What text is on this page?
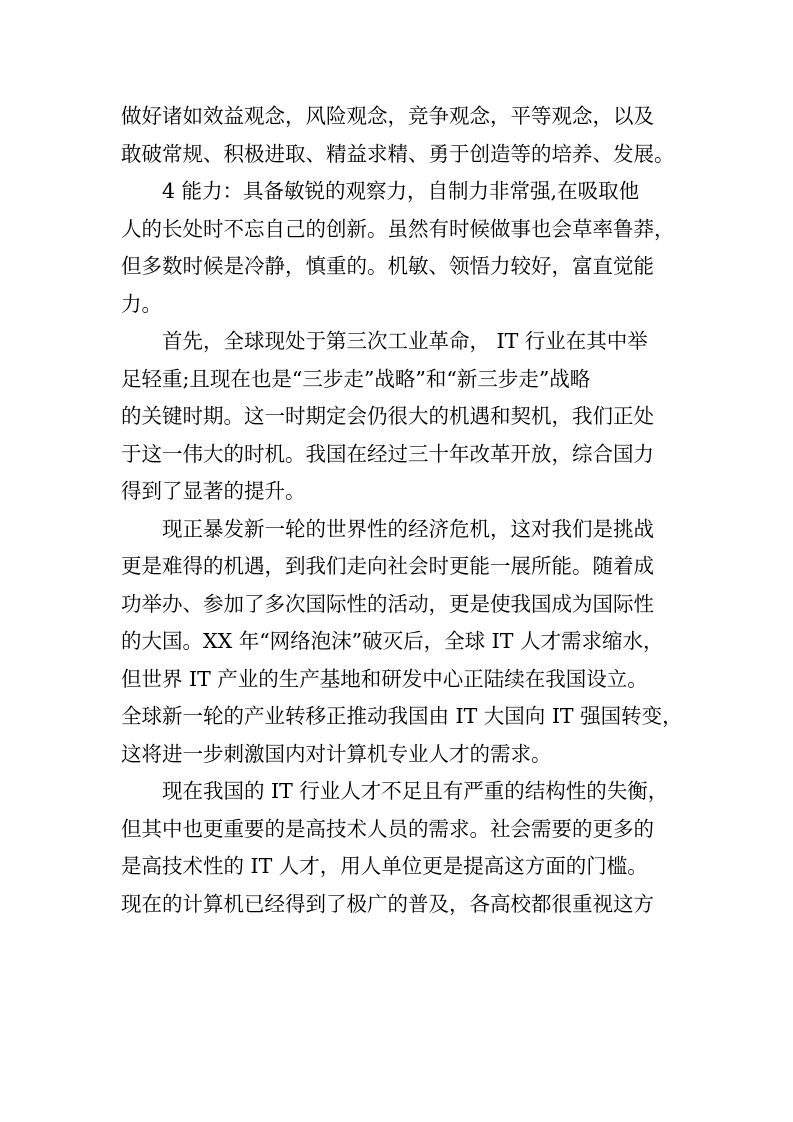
做好诸如效益观念，风险观念，竞争观念，平等观念，以及
敢破常规、积极进取、精益求精、勇于创造等的培养、发展。
4 能力：具备敏锐的观察力，自制力非常强,在吸取他
人的长处时不忘自己的创新。虽然有时候做事也会草率鲁莽，
但多数时候是冷静，慎重的。机敏、领悟力较好，富直觉能
力。
首先，全球现处于第三次工业革命， IT 行业在其中举
足轻重;且现在也是“三步走”战略”和“新三步走”战略
的关键时期。这一时期定会仍很大的机遇和契机，我们正处
于这一伟大的时机。我国在经过三十年改革开放，综合国力
得到了显著的提升。
现正暴发新一轮的世界性的经济危机，这对我们是挑战
更是难得的机遇，到我们走向社会时更能一展所能。随着成
功举办、参加了多次国际性的活动，更是使我国成为国际性
的大国。XX 年“网络泡沫”破灭后，全球 IT 人才需求缩水，
但世界 IT 产业的生产基地和研发中心正陆续在我国设立。
全球新一轮的产业转移正推动我国由 IT 大国向 IT 强国转变，
这将进一步刺激国内对计算机专业人才的需求。
现在我国的 IT 行业人才不足且有严重的结构性的失衡，
但其中也更重要的是高技术人员的需求。社会需要的更多的
是高技术性的 IT 人才，用人单位更是提高这方面的门槛。
现在的计算机已经得到了极广的普及，各高校都很重视这方
